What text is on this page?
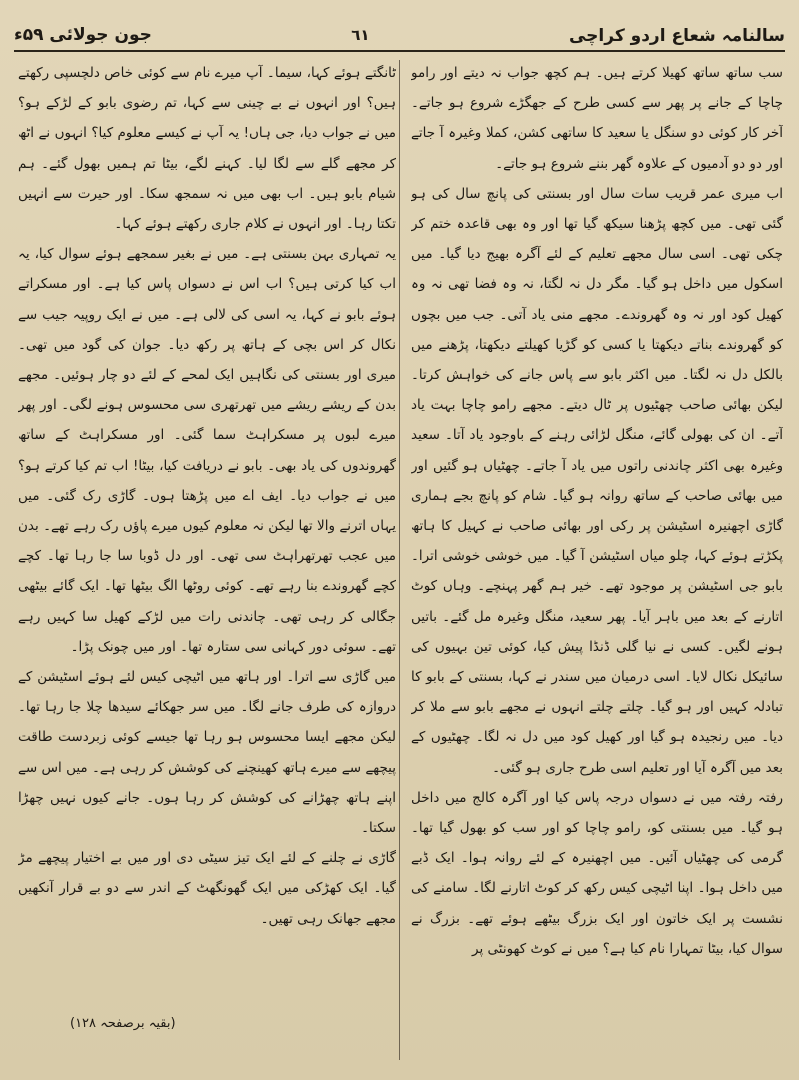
سالنامہ شعاع اردو کراچی
٦١
جون جولائی ۵۹ء

سب ساتھ ساتھ کھیلا کرتے ہیں۔ ہم کچھ جواب نہ دیتے اور رامو چاچا کے جانے پر پھر سے کسی طرح کے جھگڑے شروع ہو جاتے۔ آخر کار کوئی دو سنگل یا سعید کا ساتھی کشن، کملا وغیرہ آ جاتے اور دو دو آدمیوں کے علاوہ گھر بننے شروع ہو جاتے۔

اب میری عمر قریب سات سال اور بسنتی کی پانچ سال کی ہو گئی تھی۔ میں کچھ پڑھنا سیکھ گیا تھا اور وہ بھی قاعدہ ختم کر چکی تھی۔ اسی سال مجھے تعلیم کے لئے آگرہ بھیج دیا گیا۔ میں اسکول میں داخل ہو گیا۔ مگر دل نہ لگتا، نہ وہ فضا تھی نہ وہ کھیل کود اور نہ وہ گھروندے۔ مجھے منی یاد آتی۔ جب میں بچوں کو گھروندے بناتے دیکھتا یا کسی کو گڑیا کھیلتے دیکھتا، پڑھنے میں بالکل دل نہ لگتا۔ میں اکثر بابو سے پاس جانے کی خواہش کرتا۔ لیکن بھائی صاحب چھٹیوں پر ٹال دیتے۔ مجھے رامو چاچا بہت یاد آتے۔ ان کی بھولی گائے، منگل لڑائی رہنے کے باوجود یاد آتا۔ سعید وغیرہ بھی اکثر چاندنی راتوں میں یاد آ جاتے۔ چھٹیاں ہو گئیں اور میں بھائی صاحب کے ساتھ روانہ ہو گیا۔ شام کو پانچ بجے ہماری گاڑی اچھنیرہ اسٹیشن پر رکی اور بھائی صاحب نے کہیل کا ہاتھ پکڑتے ہوئے کہا، چلو میاں اسٹیشن آ گیا۔ میں خوشی خوشی اترا۔ بابو جی اسٹیشن پر موجود تھے۔ خیر ہم گھر پہنچے۔ وہاں کوٹ اتارنے کے بعد میں باہر آیا۔ پھر سعید، منگل وغیرہ مل گئے۔ باتیں ہونے لگیں۔ کسی نے نیا گلی ڈنڈا پیش کیا، کوئی تین بہیوں کی سائیکل نکال لایا۔ اسی درمیان میں سندر نے کہا، بسنتی کے بابو کا تبادلہ کہیں اور ہو گیا۔ چلتے چلتے انہوں نے مجھے بابو سے ملا کر دیا۔ میں رنجیدہ ہو گیا اور کھیل کود میں دل نہ لگا۔ چھٹیوں کے بعد میں آگرہ آیا اور تعلیم اسی طرح جاری ہو گئی۔

رفتہ رفتہ میں نے دسواں درجہ پاس کیا اور آگرہ کالج میں داخل ہو گیا۔ میں بسنتی کو، رامو چاچا کو اور سب کو بھول گیا تھا۔ گرمی کی چھٹیاں آئیں۔ میں اچھنیرہ کے لئے روانہ ہوا۔ ایک ڈبے میں داخل ہوا۔ اپنا اٹیچی کیس رکھ کر کوٹ اتارنے لگا۔ سامنے کی نشست پر ایک خاتون اور ایک بزرگ بیٹھے ہوئے تھے۔ بزرگ نے سوال کیا، بیٹا تمہارا نام کیا ہے؟ میں نے کوٹ کھونٹی پر

ٹانگتے ہوئے کہا، سیما۔ آپ میرے نام سے کوئی خاص دلچسپی رکھتے ہیں؟ اور انہوں نے بے چینی سے کہا، تم رضوی بابو کے لڑکے ہو؟ میں نے جواب دیا، جی ہاں! یہ آپ نے کیسے معلوم کیا؟ انہوں نے اٹھ کر مجھے گلے سے لگا لیا۔ کہنے لگے، بیٹا تم ہمیں بھول گئے۔ ہم شیام بابو ہیں۔ اب بھی میں نہ سمجھ سکا۔ اور حیرت سے انہیں تکتا رہا۔ اور انہوں نے کلام جاری رکھتے ہوئے کہا۔

یہ تمہاری بہن بسنتی ہے۔ میں نے بغیر سمجھے ہوئے سوال کیا، یہ اب کیا کرتی ہیں؟ اب اس نے دسواں پاس کیا ہے۔ اور مسکراتے ہوئے بابو نے کہا، یہ اسی کی لالی ہے۔ میں نے ایک روپیہ جیب سے نکال کر اس بچی کے ہاتھ پر رکھ دیا۔ جوان کی گود میں تھی۔ میری اور بسنتی کی نگاہیں ایک لمحے کے لئے دو چار ہوئیں۔ مجھے بدن کے ریشے ریشے میں تھرتھری سی محسوس ہونے لگی۔ اور پھر میرے لبوں پر مسکراہٹ سما گئی۔ اور مسکراہٹ کے ساتھ گھروندوں کی یاد بھی۔ بابو نے دریافت کیا، بیٹا! اب تم کیا کرتے ہو؟ میں نے جواب دیا۔ ایف اے میں پڑھتا ہوں۔ گاڑی رک گئی۔ میں یہاں اترنے والا تھا لیکن نہ معلوم کیوں میرے پاؤں رک رہے تھے۔ بدن میں عجب تھرتھراہٹ سی تھی۔ اور دل ڈوبا سا جا رہا تھا۔ کچے کچے گھروندے بنا رہے تھے۔ کوئی روٹھا الگ بیٹھا تھا۔ ایک گائے بیٹھی جگالی کر رہی تھی۔ چاندنی رات میں لڑکے کھیل سا کہیں رہے تھے۔ سوئی دور کہانی سی ستارہ تھا۔ اور میں چونک پڑا۔

میں گاڑی سے اترا۔ اور ہاتھ میں اٹیچی کیس لئے ہوئے اسٹیشن کے دروازہ کی طرف جانے لگا۔ میں سر جھکائے سیدھا چلا جا رہا تھا۔ لیکن مجھے ایسا محسوس ہو رہا تھا جیسے کوئی زبردست طاقت پیچھے سے میرے ہاتھ کھینچنے کی کوشش کر رہی ہے۔ میں اس سے اپنے ہاتھ چھڑانے کی کوشش کر رہا ہوں۔ جانے کیوں نہیں چھڑا سکتا۔

گاڑی نے چلنے کے لئے ایک تیز سیٹی دی اور میں بے اختیار پیچھے مڑ گیا۔ ایک کھڑکی میں ایک گھونگھٹ کے اندر سے دو بے قرار آنکھیں مجھے جھانک رہی تھیں۔

(بقیہ برصفحہ ۱۲۸)
